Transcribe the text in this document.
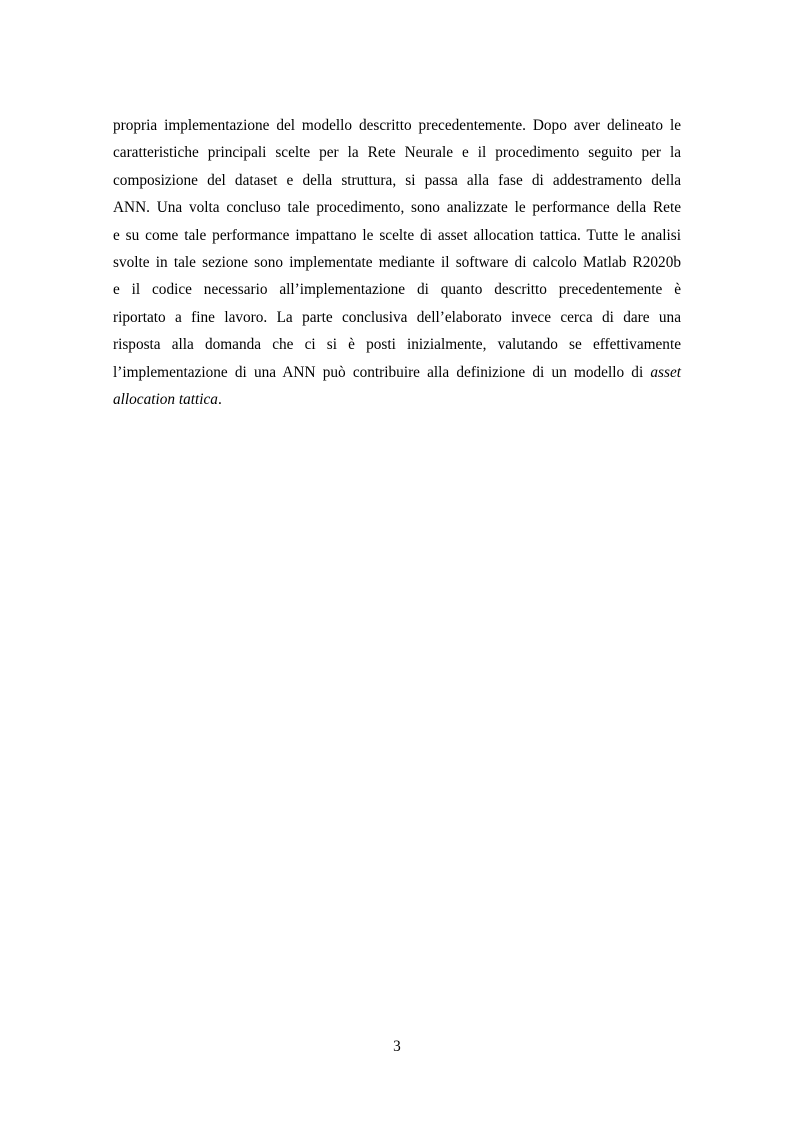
propria implementazione del modello descritto precedentemente. Dopo aver delineato le
caratteristiche principali scelte per la Rete Neurale e il procedimento seguito per la
composizione del dataset e della struttura, si passa alla fase di addestramento della
ANN. Una volta concluso tale procedimento, sono analizzate le performance della Rete
e su come tale performance impattano le scelte di asset allocation tattica. Tutte le analisi
svolte in tale sezione sono implementate mediante il software di calcolo Matlab R2020b
e il codice necessario all’implementazione di quanto descritto precedentemente è
riportato a fine lavoro. La parte conclusiva dell’elaborato invece cerca di dare una
risposta alla domanda che ci si è posti inizialmente, valutando se effettivamente
l’implementazione di una ANN può contribuire alla definizione di un modello di asset
allocation tattica.
3
